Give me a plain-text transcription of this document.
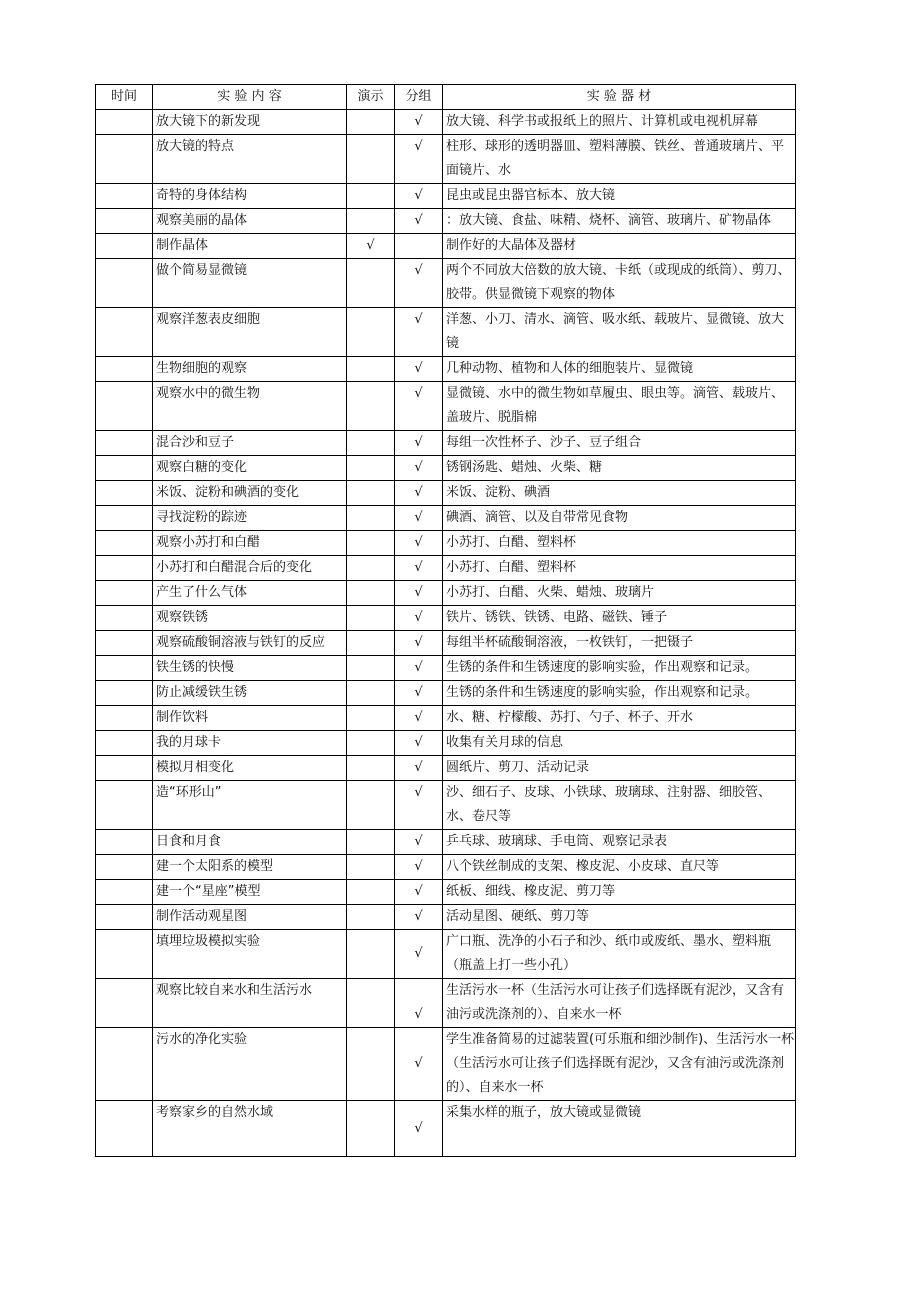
时间	实 验 内 容	演示	分组	实 验 器 材
	放大镜下的新发现		√	放大镜、科学书或报纸上的照片、计算机或电视机屏幕
	放大镜的特点		√	柱形、球形的透明器皿、塑料薄膜、铁丝、普通玻璃片、平面镜片、水
	奇特的身体结构		√	昆虫或昆虫器官标本、放大镜
	观察美丽的晶体		√	：放大镜、食盐、味精、烧杯、滴管、玻璃片、矿物晶体
	制作晶体	√		制作好的大晶体及器材
	做个简易显微镜		√	两个不同放大倍数的放大镜、卡纸（或现成的纸筒）、剪刀、胶带。供显微镜下观察的物体
	观察洋葱表皮细胞		√	洋葱、小刀、清水、滴管、吸水纸、载玻片、显微镜、放大镜
	生物细胞的观察		√	几种动物、植物和人体的细胞装片、显微镜
	观察水中的微生物		√	显微镜、水中的微生物如草履虫、眼虫等。滴管、载玻片、盖玻片、脱脂棉
	混合沙和豆子		√	每组一次性杯子、沙子、豆子组合
	观察白糖的变化		√	锈钢汤匙、蜡烛、火柴、糖
	米饭、淀粉和碘酒的变化		√	米饭、淀粉、碘酒
	寻找淀粉的踪迹		√	碘酒、滴管、以及自带常见食物
	观察小苏打和白醋		√	小苏打、白醋、塑料杯
	小苏打和白醋混合后的变化		√	小苏打、白醋、塑料杯
	产生了什么气体		√	小苏打、白醋、火柴、蜡烛、玻璃片
	观察铁锈		√	铁片、锈铁、铁锈、电路、磁铁、锤子
	观察硫酸铜溶液与铁钉的反应		√	每组半杯硫酸铜溶液，一枚铁钉，一把镊子
	铁生锈的快慢		√	生锈的条件和生锈速度的影响实验，作出观察和记录。
	防止减缓铁生锈		√	生锈的条件和生锈速度的影响实验，作出观察和记录。
	制作饮料		√	水、糖、柠檬酸、苏打、勺子、杯子、开水
	我的月球卡		√	收集有关月球的信息
	模拟月相变化		√	圆纸片、剪刀、活动记录
	造“环形山”		√	沙、细石子、皮球、小铁球、玻璃球、注射器、细胶管、水、卷尺等
	日食和月食		√	乒乓球、玻璃球、手电筒、观察记录表
	建一个太阳系的模型		√	八个铁丝制成的支架、橡皮泥、小皮球、直尺等
	建一个“星座”模型		√	纸板、细线、橡皮泥、剪刀等
	制作活动观星图		√	活动星图、硬纸、剪刀等
	填埋垃圾模拟实验		√	广口瓶、洗净的小石子和沙、纸巾或废纸、墨水、塑料瓶（瓶盖上打一些小孔）
	观察比较自来水和生活污水		√	生活污水一杯（生活污水可让孩子们选择既有泥沙，又含有油污或洗涤剂的）、自来水一杯
	污水的净化实验		√	学生准备简易的过滤装置(可乐瓶和细沙制作)、生活污水一杯（生活污水可让孩子们选择既有泥沙，又含有油污或洗涤剂的）、自来水一杯
	考察家乡的自然水域		√	采集水样的瓶子，放大镜或显微镜
